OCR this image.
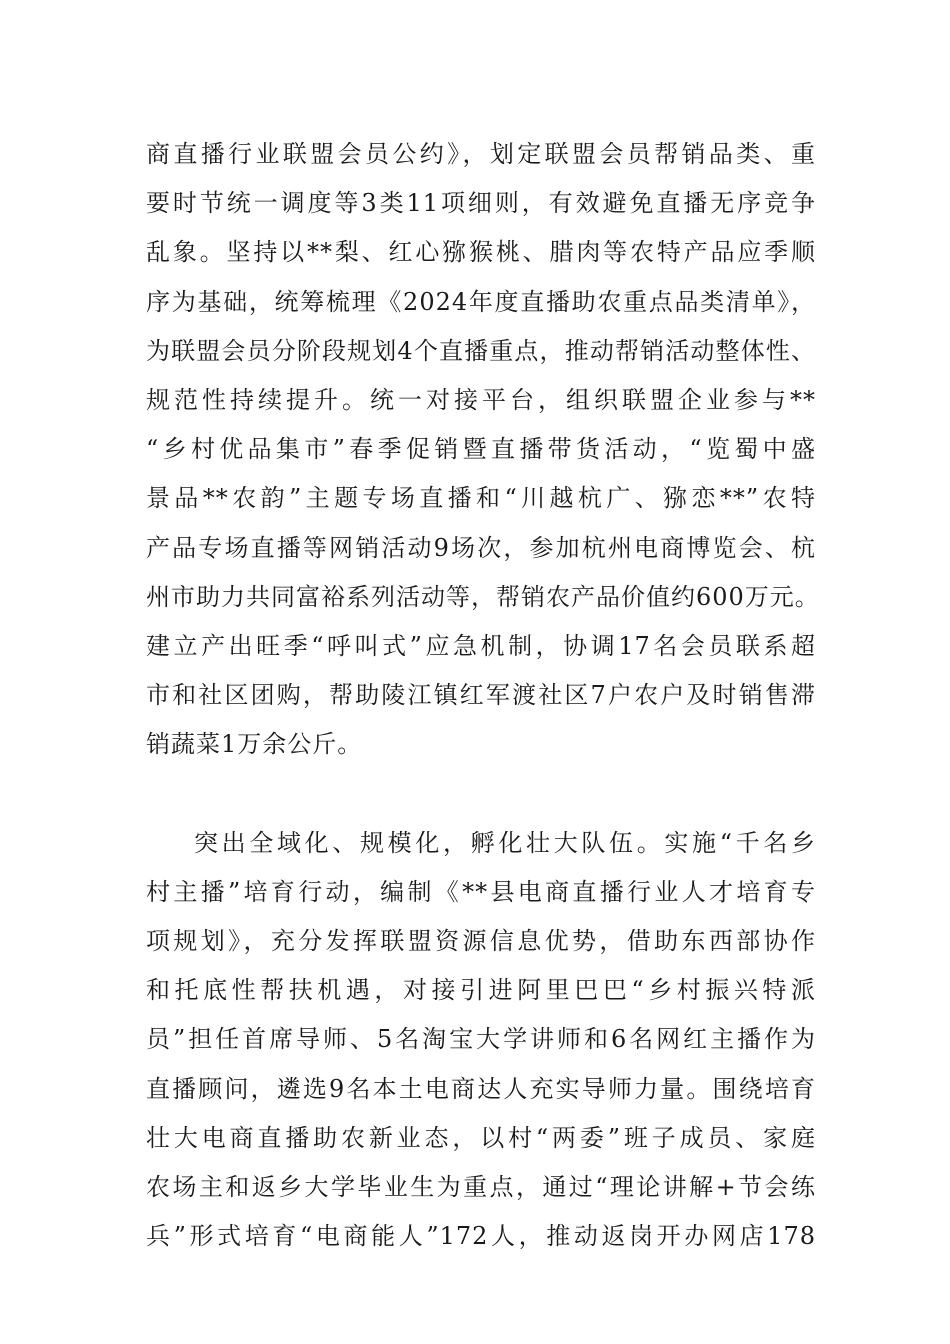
商直播行业联盟会员公约》，划定联盟会员帮销品类、重
要时节统一调度等3类11项细则，有效避免直播无序竞争
乱象。坚持以**梨、红心猕猴桃、腊肉等农特产品应季顺
序为基础，统筹梳理《2024年度直播助农重点品类清单》，
为联盟会员分阶段规划4个直播重点，推动帮销活动整体性、
规范性持续提升。统一对接平台，组织联盟企业参与**
“乡村优品集市”春季促销暨直播带货活动，“览蜀中盛
景品**农韵”主题专场直播和“川越杭广、猕恋**”农特
产品专场直播等网销活动9场次，参加杭州电商博览会、杭
州市助力共同富裕系列活动等，帮销农产品价值约600万元。
建立产出旺季“呼叫式”应急机制，协调17名会员联系超
市和社区团购，帮助陵江镇红军渡社区7户农户及时销售滞
销蔬菜1万余公斤。
突出全域化、规模化，孵化壮大队伍。实施“千名乡
村主播”培育行动，编制《**县电商直播行业人才培育专
项规划》，充分发挥联盟资源信息优势，借助东西部协作
和托底性帮扶机遇，对接引进阿里巴巴“乡村振兴特派
员”担任首席导师、5名淘宝大学讲师和6名网红主播作为
直播顾问，遴选9名本土电商达人充实导师力量。围绕培育
壮大电商直播助农新业态，以村“两委”班子成员、家庭
农场主和返乡大学毕业生为重点，通过“理论讲解+节会练
兵”形式培育“电商能人”172人，推动返岗开办网店178
